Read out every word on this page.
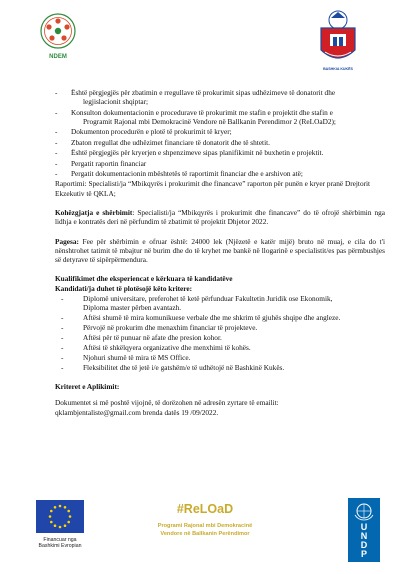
NDEM
BASHKIA KUKËS
- Është përgjegjës për zbatimin e rregullave të prokurimit sipas udhëzimeve të donatorit dhe
legjislacionit shqiptar;
- Konsulton dokumentacionin e procedurave të prokurimit me stafin e projektit dhe stafin e
Programit Rajonal mbi Demokracinë Vendore në Ballkanin Perendimor 2 (ReLOaD2);
- Dokumenton procedurën e plotë të prokurimit të kryer;
- Zbaton rregullat dhe udhëzimet financiare të donatorit dhe të shtetit.
- Është përgjegjës për kryerjen e shpenzimeve sipas planifikimit në buxhetin e projektit.
- Pergatit raportin financiar
- Pergatit dokumentacionin mbështetës të raportimit financiar dhe e arshivon atë;

Raportimi: Specialisti/ja “Mbikqyrës i prokurimit dhe financave” raporton për punën e kryer pranë Drejtorit Ekzekutiv të QKLA;

Kohëzgjatja e shërbimit: Specialisti/ja “Mbikqyrës i prokurimit dhe financave” do të ofrojë shërbimin nga lidhja e kontratës deri në përfundim të zbatimit të projektit Dhjetor 2022.

Pagesa: Fee për shërbimin e ofruar është: 24000 lek (Njëzetë e katër mijë) bruto në muaj, e cila do t'i nënshtrohet tatimit të mbajtur në burim dhe do të kryhet me bankë në llogarinë e specialistit/es pas përmbushjes së detyrave të sipërpërmendura.

Kualifikimet dhe eksperiencat e kërkuara të kandidatëve
Kandidati/ja duhet të plotësojë këto kritere:
- Diplomë universitare, preferohet të ketë përfunduar Fakultetin Juridik ose Ekonomik,
Diploma master përben avantazh.
- Aftësi shumë të mira komunikuese verbale dhe me shkrim të gjuhës shqipe dhe angleze.
- Përvojë në prokurim dhe menaxhim financiar të projekteve.
- Aftësi për të punuar në afate dhe presion kohor.
- Aftësi të shkëlqyera organizative dhe menxhimi të kohës.
- Njohuri shumë të mira të MS Office.
- Fleksibilitet dhe të jetë i/e gatshëm/e të udhëtojë në Bashkinë Kukës.
Kriteret e Aplikimit:
Dokumentet si më poshtë vijojnë, të dorëzohen në adresën zyrtare të emailit:
qklambjentaliste@gmail.com brenda datës 19 /09/2022.
Financuar nga
Bashkimi Evropian
#ReLOaD
Programi Rajonal mbi Demokracinë
Vendore në Ballkanin Perëndimor
U
N
D
P
